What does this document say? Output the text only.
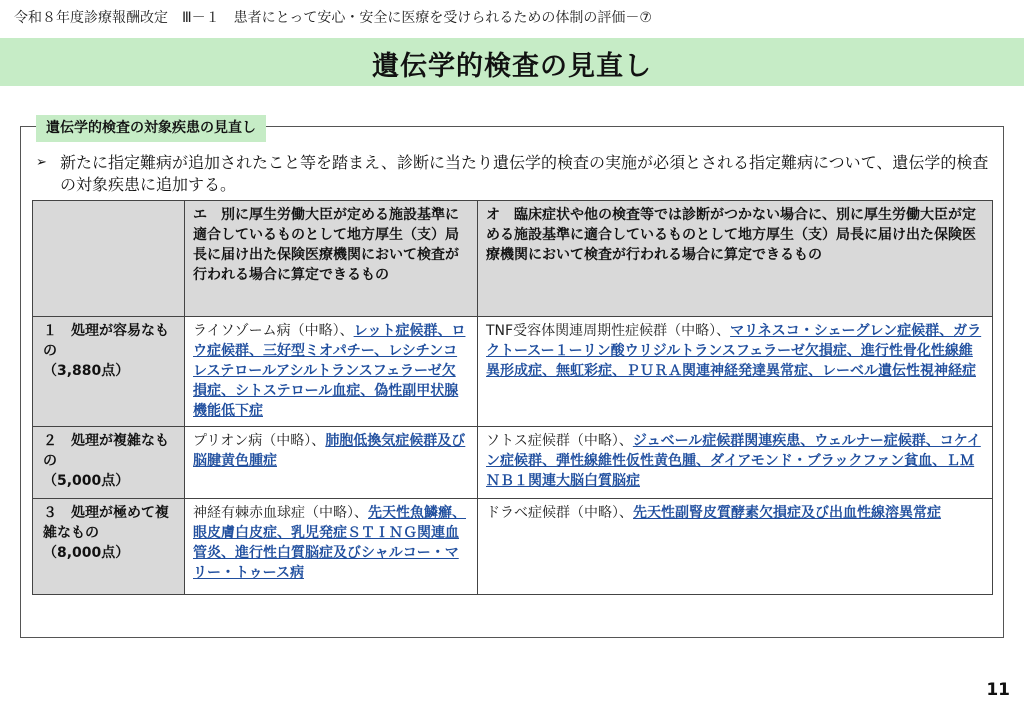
令和８年度診療報酬改定　Ⅲ－１　患者にとって安心・安全に医療を受けられるための体制の評価－⑦
遺伝学的検査の見直し
遺伝学的検査の対象疾患の見直し
➢ 新たに指定難病が追加されたこと等を踏まえ、診断に当たり遺伝学的検査の実施が必須とされる指定難病について、遺伝学的検査の対象疾患に追加する。
	エ　別に厚生労働大臣が定める施設基準に適合しているものとして地方厚生（支）局長に届け出た保険医療機関において検査が行われる場合に算定できるもの	オ　臨床症状や他の検査等では診断がつかない場合に、別に厚生労働大臣が定める施設基準に適合しているものとして地方厚生（支）局長に届け出た保険医療機関において検査が行われる場合に算定できるもの

１　処理が容易なもの
（3,880点）	ライソゾーム病（中略）、レット症候群、ロウ症候群、三好型ミオパチー、レシチンコレステロールアシルトランスフェラーゼ欠損症、シトステロール血症、偽性副甲状腺機能低下症	TNF受容体関連周期性症候群（中略）、マリネスコ・シェーグレン症候群、ガラクトースー１ーリン酸ウリジルトランスフェラーゼ欠損症、進行性骨化性線維異形成症、無虹彩症、ＰＵＲＡ関連神経発達異常症、レーベル遺伝性視神経症

２　処理が複雑なもの
（5,000点）	プリオン病（中略）、肺胞低換気症候群及び脳腱黄色腫症	ソトス症候群（中略）、ジュベール症候群関連疾患、ウェルナー症候群、コケイン症候群、弾性線維性仮性黄色腫、ダイアモンド・ブラックファン貧血、ＬＭＮＢ１関連大脳白質脳症

３　処理が極めて複雑なもの
（8,000点）	神経有棘赤血球症（中略）、先天性魚鱗癬、眼皮膚白皮症、乳児発症ＳＴＩＮＧ関連血管炎、進行性白質脳症及びシャルコー・マリー・トゥース病	ドラベ症候群（中略）、先天性副腎皮質酵素欠損症及び出血性線溶異常症
11
